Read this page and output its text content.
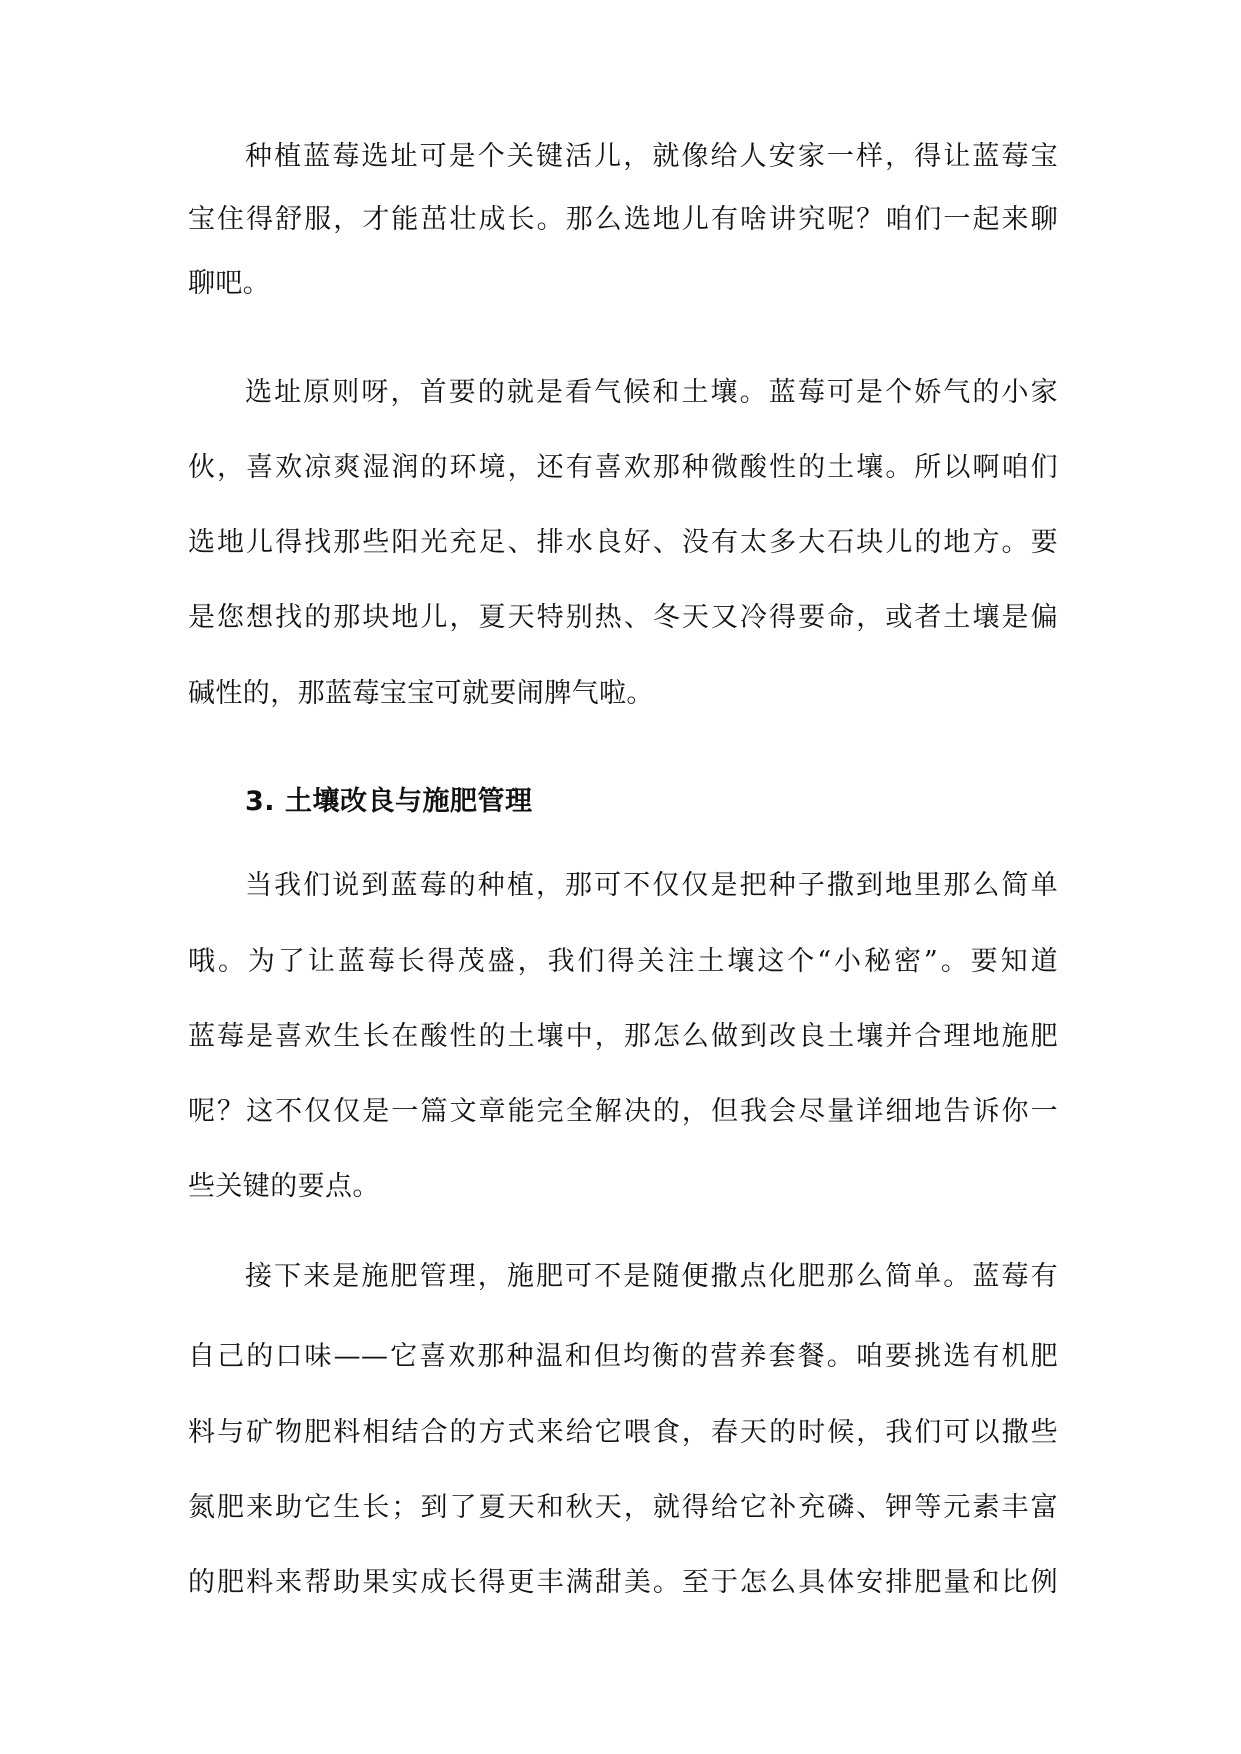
种植蓝莓选址可是个关键活儿，就像给人安家一样，得让蓝莓宝
宝住得舒服，才能茁壮成长。那么选地儿有啥讲究呢？咱们一起来聊
聊吧。
选址原则呀，首要的就是看气候和土壤。蓝莓可是个娇气的小家
伙，喜欢凉爽湿润的环境，还有喜欢那种微酸性的土壤。所以啊咱们
选地儿得找那些阳光充足、排水良好、没有太多大石块儿的地方。要
是您想找的那块地儿，夏天特别热、冬天又冷得要命，或者土壤是偏
碱性的，那蓝莓宝宝可就要闹脾气啦。
3. 土壤改良与施肥管理
当我们说到蓝莓的种植，那可不仅仅是把种子撒到地里那么简单
哦。为了让蓝莓长得茂盛，我们得关注土壤这个“小秘密”。要知道
蓝莓是喜欢生长在酸性的土壤中，那怎么做到改良土壤并合理地施肥
呢？这不仅仅是一篇文章能完全解决的，但我会尽量详细地告诉你一
些关键的要点。
接下来是施肥管理，施肥可不是随便撒点化肥那么简单。蓝莓有
自己的口味——它喜欢那种温和但均衡的营养套餐。咱要挑选有机肥
料与矿物肥料相结合的方式来给它喂食，春天的时候，我们可以撒些
氮肥来助它生长；到了夏天和秋天，就得给它补充磷、钾等元素丰富
的肥料来帮助果实成长得更丰满甜美。至于怎么具体安排肥量和比例
